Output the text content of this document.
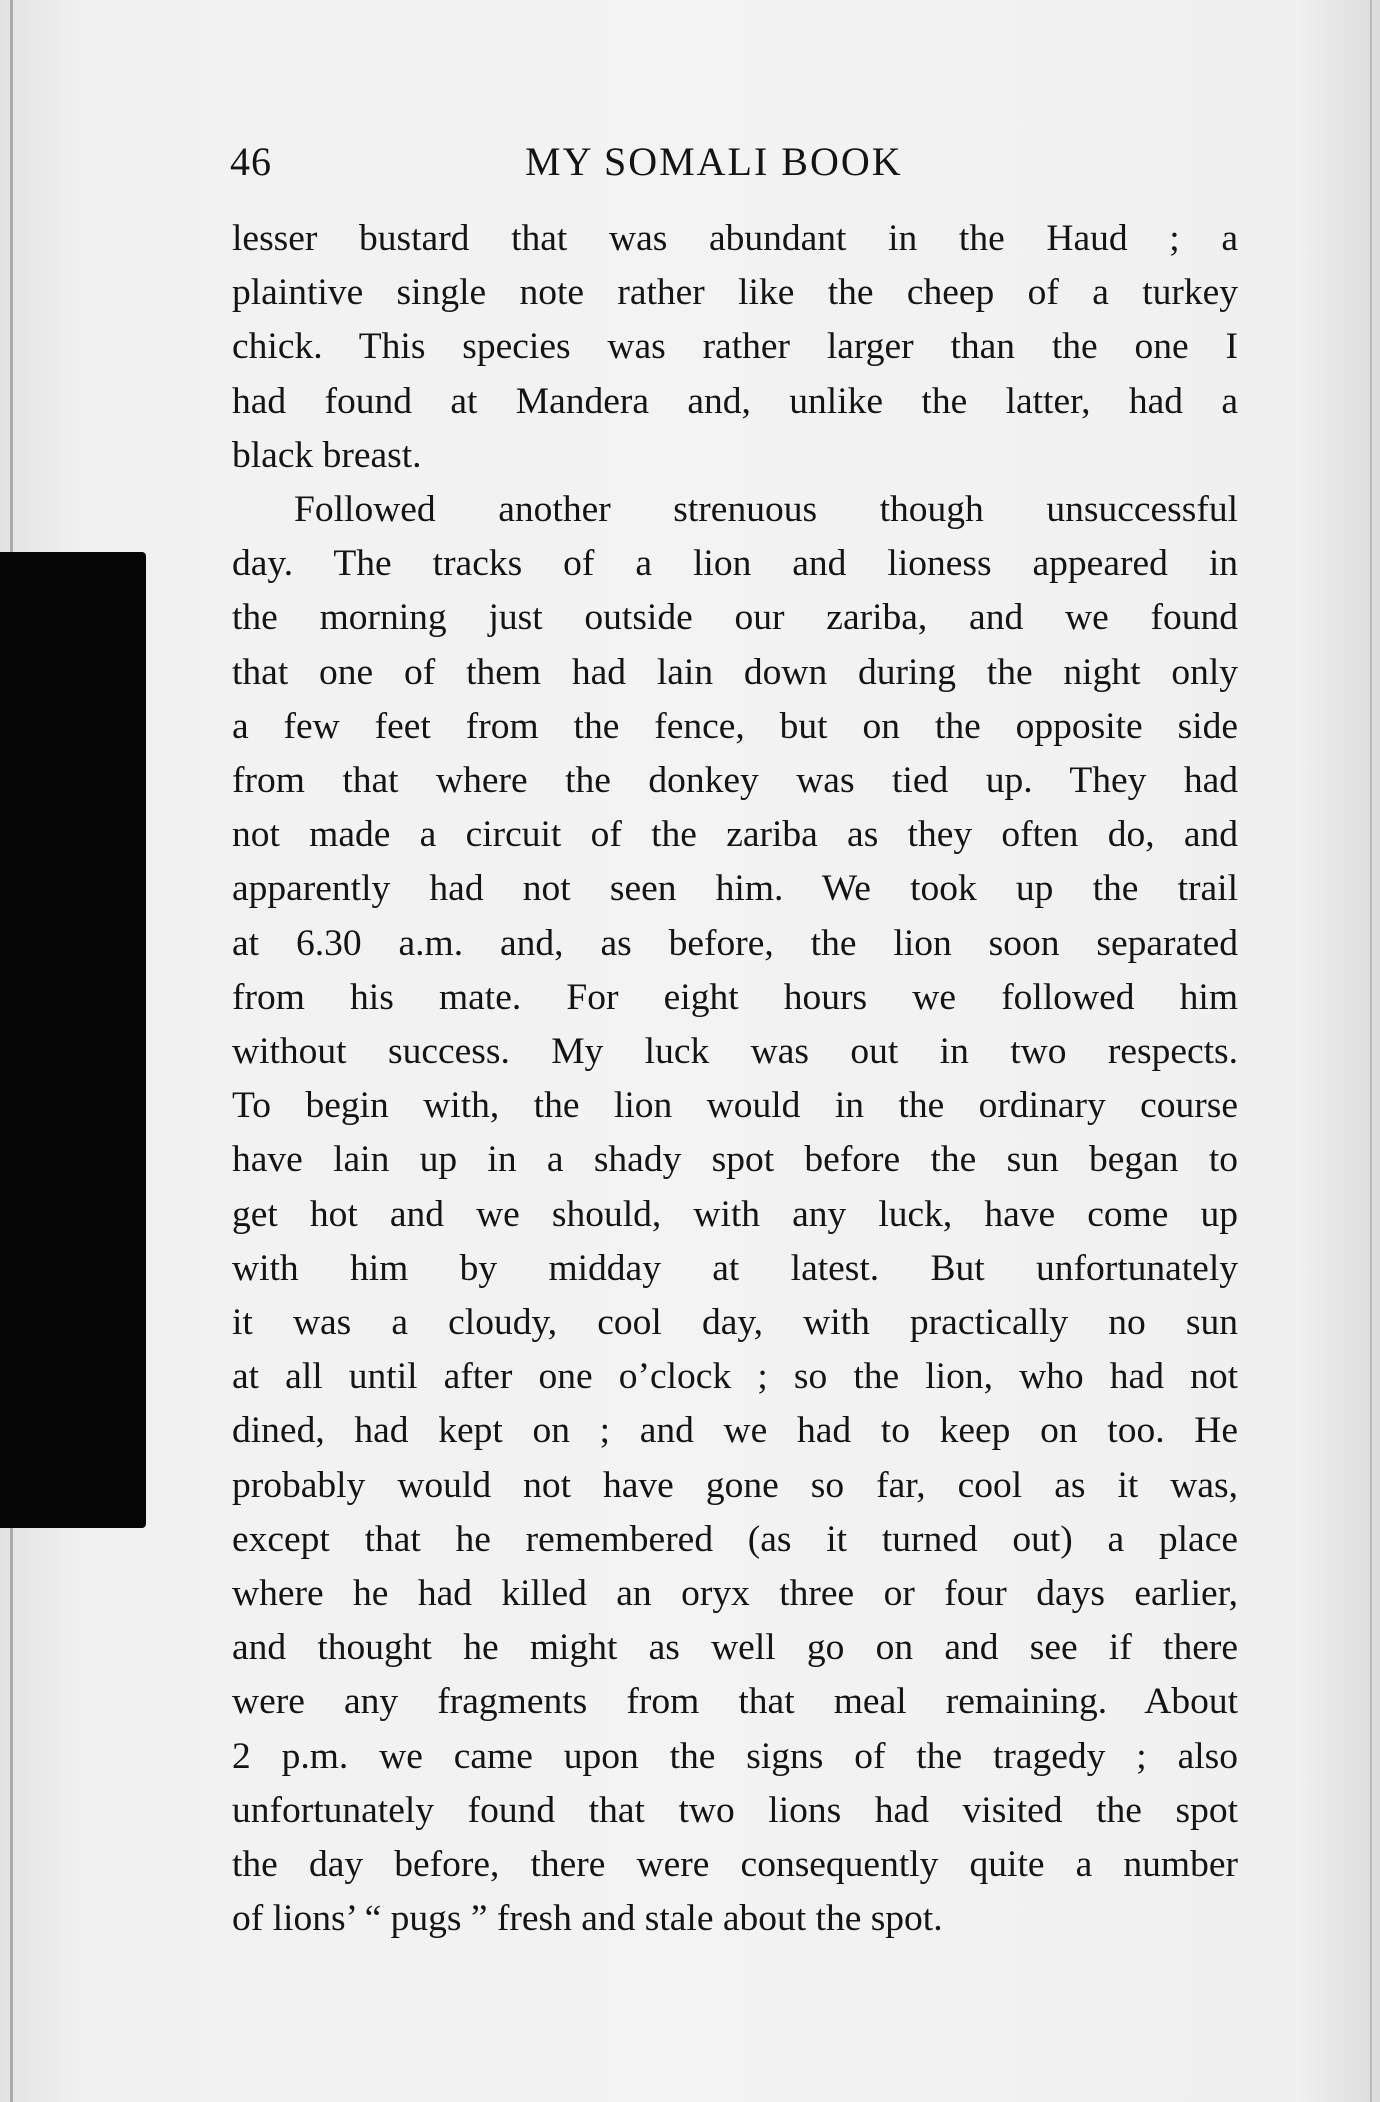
46	MY SOMALI BOOK
lesser bustard that was abundant in the Haud ; a
plaintive single note rather like the cheep of a turkey
chick. This species was rather larger than the one I
had found at Mandera and, unlike the latter, had a
black breast.
Followed another strenuous though unsuccessful
day. The tracks of a lion and lioness appeared in
the morning just outside our zariba, and we found
that one of them had lain down during the night only
a few feet from the fence, but on the opposite side
from that where the donkey was tied up. They had
not made a circuit of the zariba as they often do, and
apparently had not seen him. We took up the trail
at 6.30 a.m. and, as before, the lion soon separated
from his mate. For eight hours we followed him
without success. My luck was out in two respects.
To begin with, the lion would in the ordinary course
have lain up in a shady spot before the sun began to
get hot and we should, with any luck, have come up
with him by midday at latest. But unfortunately
it was a cloudy, cool day, with practically no sun
at all until after one o’clock ; so the lion, who had not
dined, had kept on ; and we had to keep on too. He
probably would not have gone so far, cool as it was,
except that he remembered (as it turned out) a place
where he had killed an oryx three or four days earlier,
and thought he might as well go on and see if there
were any fragments from that meal remaining. About
2 p.m. we came upon the signs of the tragedy ; also
unfortunately found that two lions had visited the spot
the day before, there were consequently quite a number
of lions’ “ pugs ” fresh and stale about the spot.
